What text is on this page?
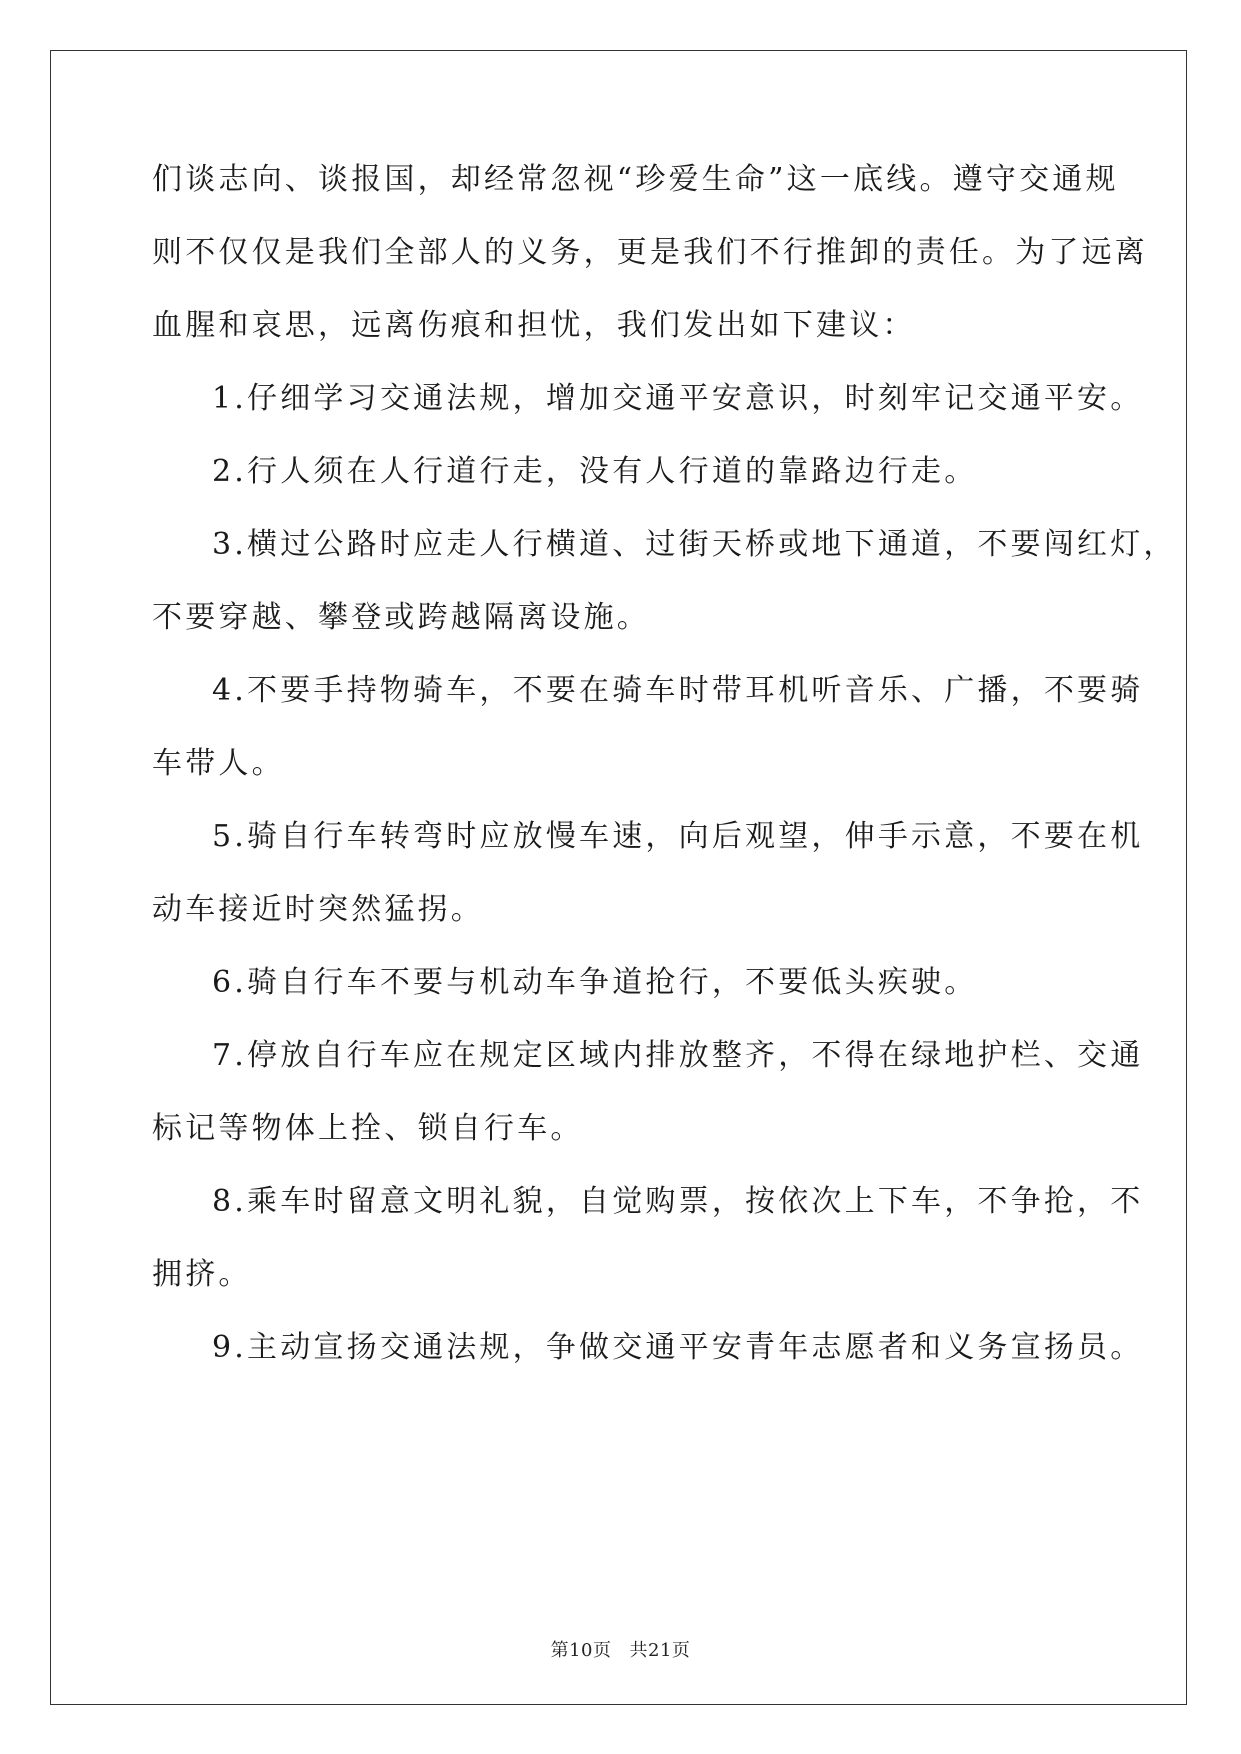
们谈志向、谈报国，却经常忽视“珍爱生命”这一底线。遵守交通规
则不仅仅是我们全部人的义务，更是我们不行推卸的责任。为了远离
血腥和哀思，远离伤痕和担忧，我们发出如下建议：
1.仔细学习交通法规，增加交通平安意识，时刻牢记交通平安。
2.行人须在人行道行走，没有人行道的靠路边行走。
3.横过公路时应走人行横道、过街天桥或地下通道，不要闯红灯，
不要穿越、攀登或跨越隔离设施。
4.不要手持物骑车，不要在骑车时带耳机听音乐、广播，不要骑
车带人。
5.骑自行车转弯时应放慢车速，向后观望，伸手示意，不要在机
动车接近时突然猛拐。
6.骑自行车不要与机动车争道抢行，不要低头疾驶。
7.停放自行车应在规定区域内排放整齐，不得在绿地护栏、交通
标记等物体上拴、锁自行车。
8.乘车时留意文明礼貌，自觉购票，按依次上下车，不争抢，不
拥挤。
9.主动宣扬交通法规，争做交通平安青年志愿者和义务宣扬员。
第10页 共21页
